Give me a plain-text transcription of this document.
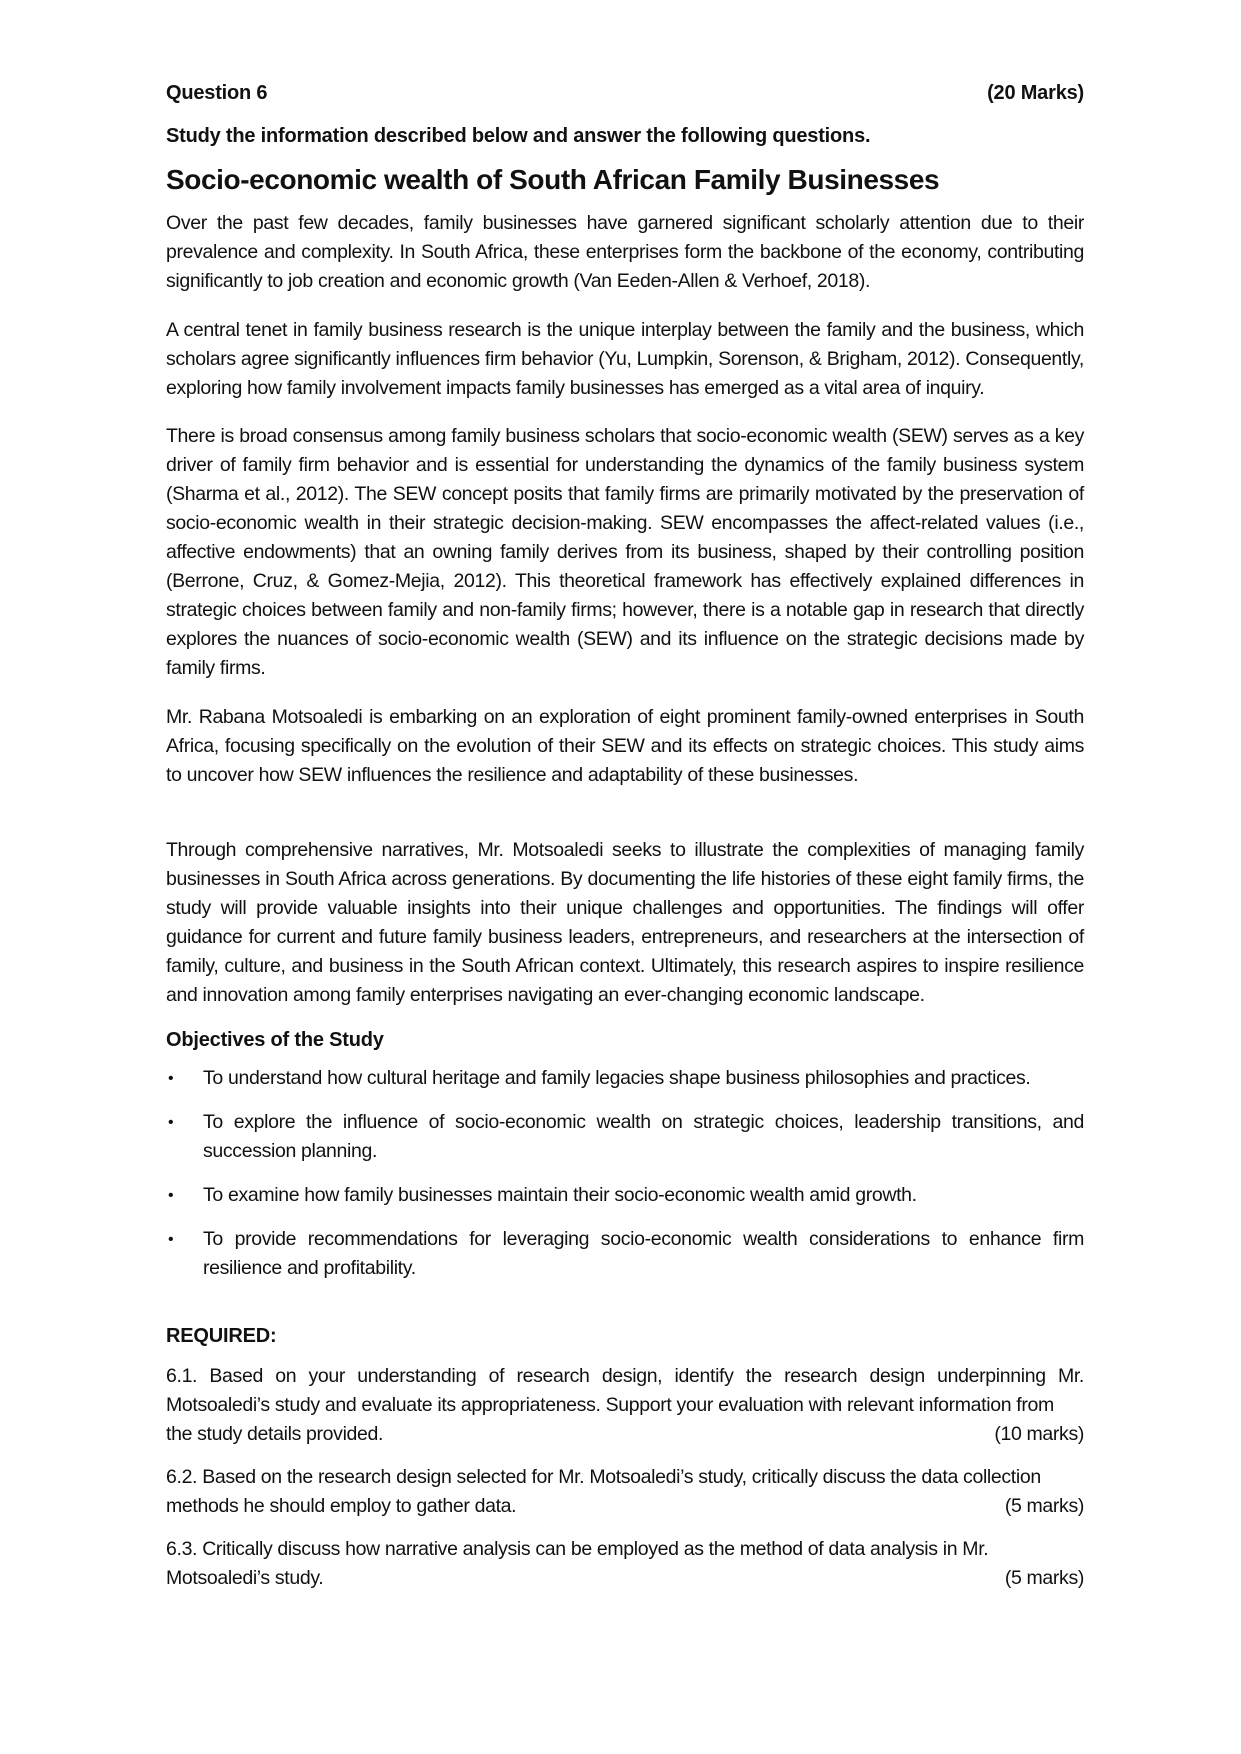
Question 6	(20 Marks)
Study the information described below and answer the following questions.
Socio-economic wealth of South African Family Businesses

Over the past few decades, family businesses have garnered significant scholarly attention due to their prevalence and complexity. In South Africa, these enterprises form the backbone of the economy, contributing significantly to job creation and economic growth (Van Eeden-Allen & Verhoef, 2018).

A central tenet in family business research is the unique interplay between the family and the business, which scholars agree significantly influences firm behavior (Yu, Lumpkin, Sorenson, & Brigham, 2012). Consequently, exploring how family involvement impacts family businesses has emerged as a vital area of inquiry.

There is broad consensus among family business scholars that socio-economic wealth (SEW) serves as a key driver of family firm behavior and is essential for understanding the dynamics of the family business system (Sharma et al., 2012). The SEW concept posits that family firms are primarily motivated by the preservation of socio-economic wealth in their strategic decision-making. SEW encompasses the affect-related values (i.e., affective endowments) that an owning family derives from its business, shaped by their controlling position (Berrone, Cruz, & Gomez-Mejia, 2012). This theoretical framework has effectively explained differences in strategic choices between family and non-family firms; however, there is a notable gap in research that directly explores the nuances of socio-economic wealth (SEW) and its influence on the strategic decisions made by family firms.

Mr. Rabana Motsoaledi is embarking on an exploration of eight prominent family-owned enterprises in South Africa, focusing specifically on the evolution of their SEW and its effects on strategic choices. This study aims to uncover how SEW influences the resilience and adaptability of these businesses.

Through comprehensive narratives, Mr. Motsoaledi seeks to illustrate the complexities of managing family businesses in South Africa across generations. By documenting the life histories of these eight family firms, the study will provide valuable insights into their unique challenges and opportunities. The findings will offer guidance for current and future family business leaders, entrepreneurs, and researchers at the intersection of family, culture, and business in the South African context. Ultimately, this research aspires to inspire resilience and innovation among family enterprises navigating an ever-changing economic landscape.

Objectives of the Study
• To understand how cultural heritage and family legacies shape business philosophies and practices.
• To explore the influence of socio-economic wealth on strategic choices, leadership transitions, and succession planning.
• To examine how family businesses maintain their socio-economic wealth amid growth.
• To provide recommendations for leveraging socio-economic wealth considerations to enhance firm resilience and profitability.
REQUIRED:
6.1. Based on your understanding of research design, identify the research design underpinning Mr. Motsoaledi’s study and evaluate its appropriateness. Support your evaluation with relevant information from
the study details provided.	(10 marks)
6.2. Based on the research design selected for Mr. Motsoaledi’s study, critically discuss the data collection
methods he should employ to gather data.	(5 marks)
6.3. Critically discuss how narrative analysis can be employed as the method of data analysis in Mr.
Motsoaledi’s study.	(5 marks)
